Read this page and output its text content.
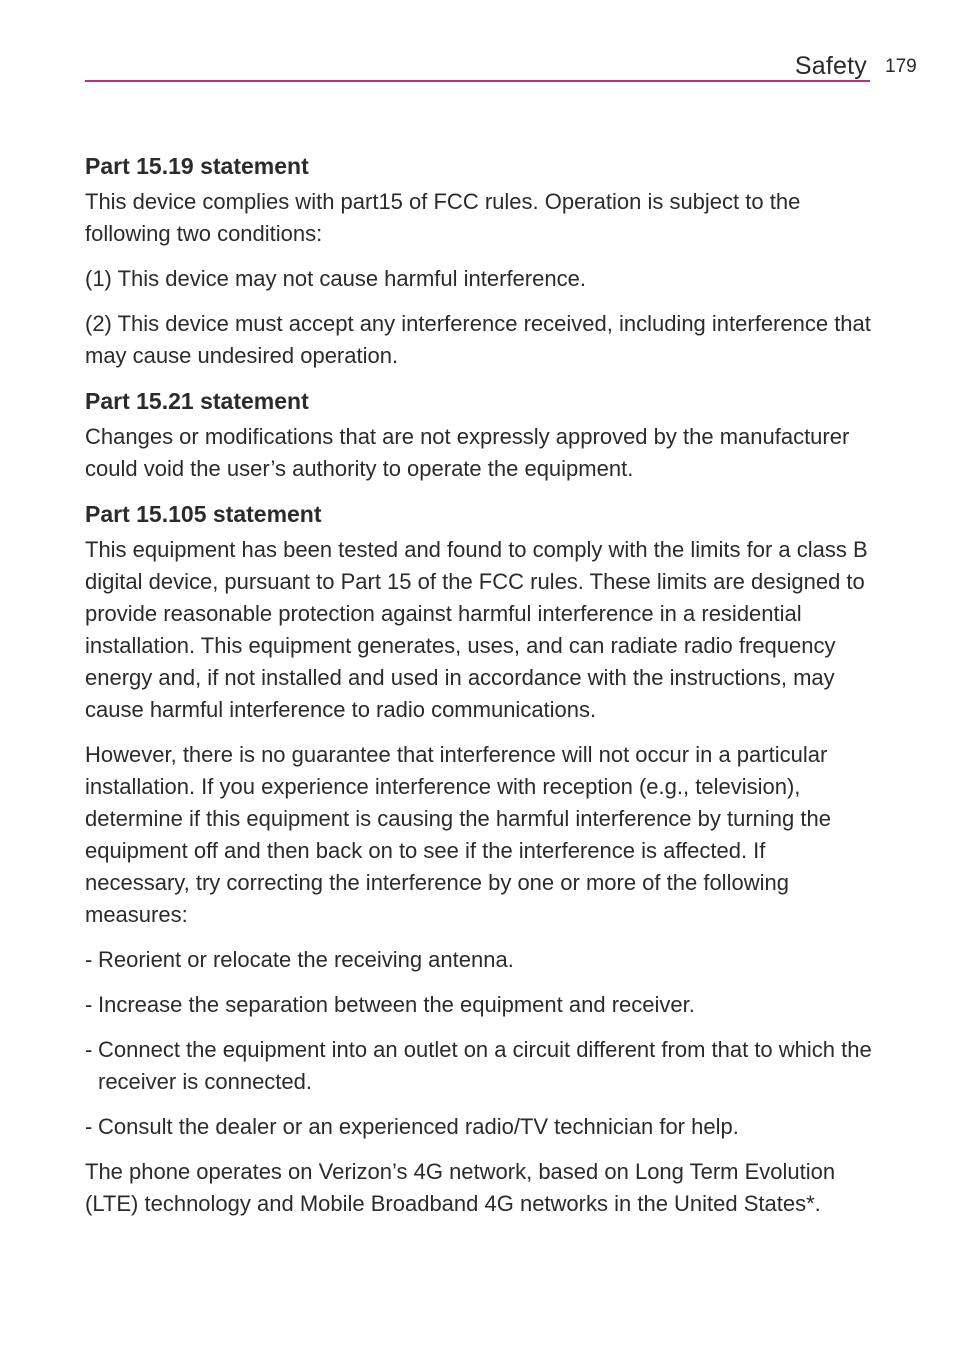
Safety 179
Part 15.19 statement

This device complies with part15 of FCC rules. Operation is subject to the following two conditions:

(1) This device may not cause harmful interference.

(2) This device must accept any interference received, including interference that may cause undesired operation.

Part 15.21 statement

Changes or modifications that are not expressly approved by the manufacturer could void the user’s authority to operate the equipment.

Part 15.105 statement

This equipment has been tested and found to comply with the limits for a class B digital device, pursuant to Part 15 of the FCC rules. These limits are designed to provide reasonable protection against harmful interference in a residential installation. This equipment generates, uses, and can radiate radio frequency energy and, if not installed and used in accordance with the instructions, may cause harmful interference to radio communications.

However, there is no guarantee that interference will not occur in a particular installation. If you experience interference with reception (e.g., television), determine if this equipment is causing the harmful interference by turning the equipment off and then back on to see if the interference is affected. If necessary, try correcting the interference by one or more of the following measures:

- Reorient or relocate the receiving antenna.

- Increase the separation between the equipment and receiver.

- Connect the equipment into an outlet on a circuit different from that to which the receiver is connected.

- Consult the dealer or an experienced radio/TV technician for help.

The phone operates on Verizon’s 4G network, based on Long Term Evolution (LTE) technology and Mobile Broadband 4G networks in the United States*.
